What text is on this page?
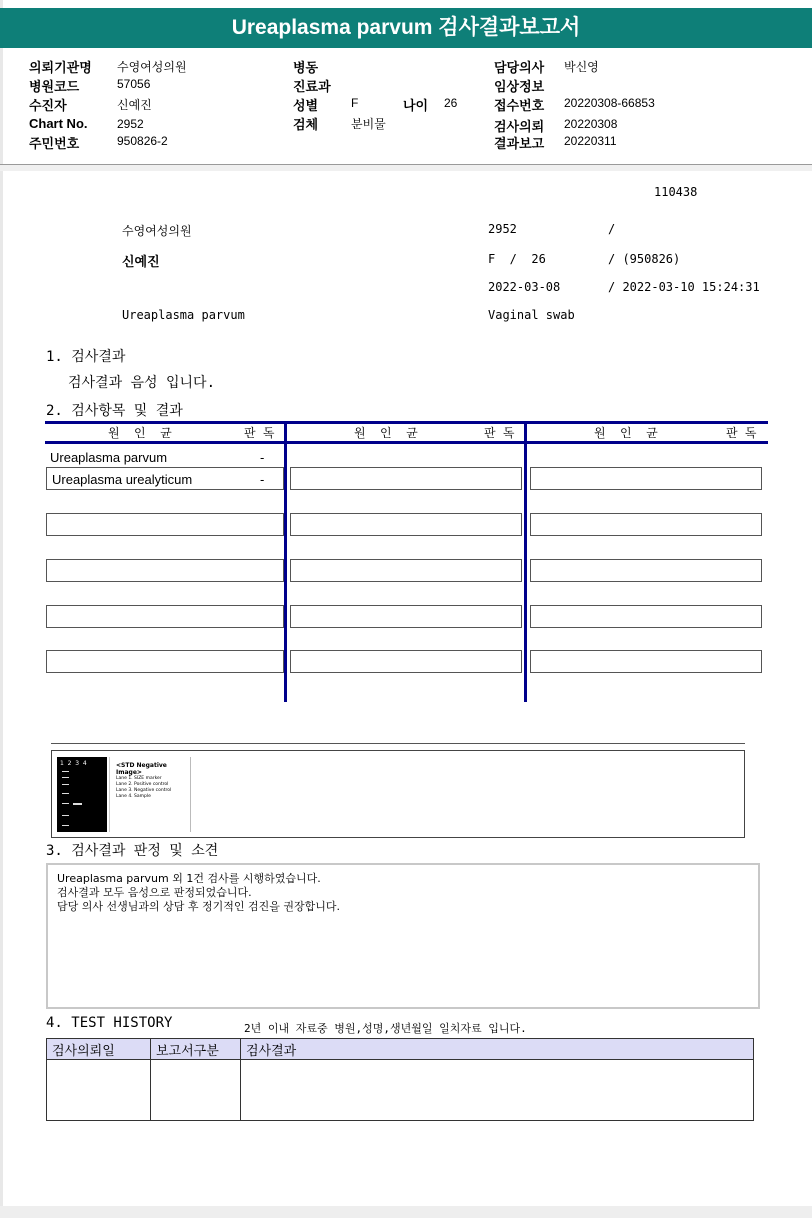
Ureaplasma parvum 검사결과보고서
의뢰기관명 수영여성의원
병원코드	57056
수진자	신예진
Chart No. 2952
주민번호	950826-2
병동
진료과
성별	F	나이 26
검체	분비물
담당의사 박신영
임상정보
접수번호 20220308-66853
검사의뢰 20220308
결과보고 20220311
110438
수영여성의원	2952	/
신예진	F  /  26	/ (950826)
2022-03-08	/ 2022-03-10 15:24:31
Ureaplasma parvum	Vaginal swab
1. 검사결과
검사결과 음성 입니다.
2. 검사항목 및 결과
원  인  균	판 독	원  인  균	판 독	원  인  균	판 독
Ureaplasma parvum	-
Ureaplasma urealyticum	-
1  2  3  4	<STD Negative Image>
Lane 1. SIZE marker
Lane 2. Positive control
Lane 3. Negative control
Lane 4. Sample
3. 검사결과 판정 및 소견
Ureaplasma parvum 외 1건 검사를 시행하였습니다.
검사결과 모두 음성으로 판정되었습니다.
담당 의사 선생님과의 상담 후 정기적인 검진을 권장합니다.
4. TEST HISTORY	2년 이내 자료중 병원,성명,생년월일 일치자료 입니다.
검사의뢰일	보고서구분	검사결과
